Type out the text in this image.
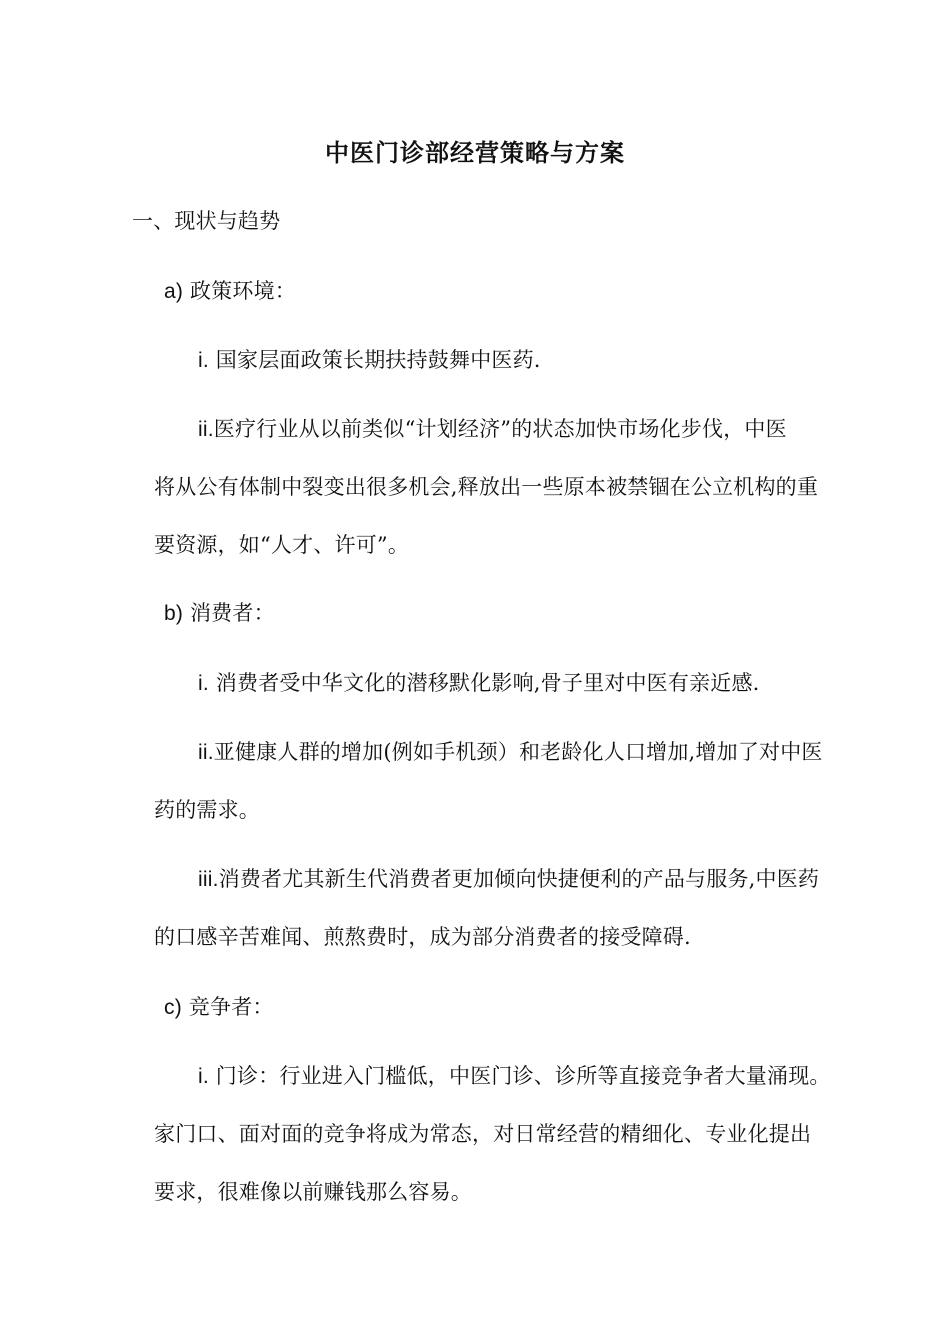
中医门诊部经营策略与方案
一、现状与趋势
a) 政策环境：
i. 国家层面政策长期扶持鼓舞中医药.
ii.医疗行业从以前类似“计划经济”的状态加快市场化步伐，中医
将从公有体制中裂变出很多机会,释放出一些原本被禁锢在公立机构的重
要资源，如“人才、许可”。
b) 消费者：
i. 消费者受中华文化的潜移默化影响,骨子里对中医有亲近感.
ii.亚健康人群的增加(例如手机颈）和老龄化人口增加,增加了对中医
药的需求。
iii.消费者尤其新生代消费者更加倾向快捷便利的产品与服务,中医药
的口感辛苦难闻、煎熬费时，成为部分消费者的接受障碍.
c) 竞争者：
i. 门诊：行业进入门槛低，中医门诊、诊所等直接竞争者大量涌现。
家门口、面对面的竞争将成为常态，对日常经营的精细化、专业化提出
要求，很难像以前赚钱那么容易。
